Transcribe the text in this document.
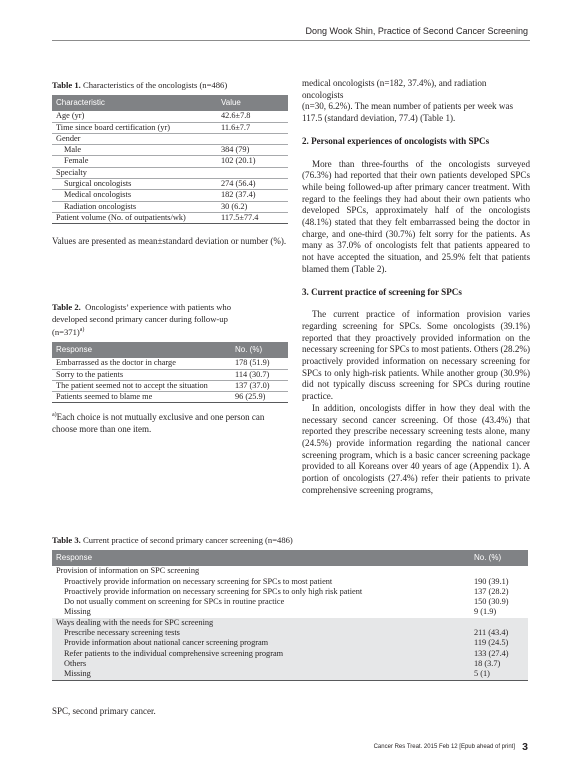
Dong Wook Shin, Practice of Second Cancer Screening
Table 1. Characteristics of the oncologists (n=486)
Characteristic	Value
Age (yr)	42.6±7.8
Time since board certification (yr)	11.6±7.7
Gender	
Male	384 (79)
Female	102 (20.1)
Specialty	
Surgical oncologists	274 (56.4)
Medical oncologists	182 (37.4)
Radiation oncologists	30 (6.2)
Patient volume (No. of outpatients/wk)	117.5±77.4
Values are presented as mean±standard deviation or number (%).
Table 2. Oncologists’ experience with patients who
developed second primary cancer during follow-up
(n=371)$^{a)}$
Response	No. (%)
Embarrassed as the doctor in charge	178 (51.9)
Sorry to the patients	114 (30.7)
The patient seemed not to accept the situation	137 (37.0)
Patients seemed to blame me	96 (25.9)
$^{a)}$Each choice is not mutually exclusive and one person can choose more than one item.
medical oncologists (n=182, 37.4%), and radiation oncologists
(n=30, 6.2%). The mean number of patients per week was
117.5 (standard deviation, 77.4) (Table 1).
2. Personal experiences of oncologists with SPCs

More than three-fourths of the oncologists surveyed (76.3%) had reported that their own patients developed SPCs while being followed-up after primary cancer treatment. With regard to the feelings they had about their own patients who developed SPCs, approximately half of the oncologists (48.1%) stated that they felt embarrassed being the doctor in charge, and one-third (30.7%) felt sorry for the patients. As many as 37.0% of oncologists felt that patients appeared to not have accepted the situation, and 25.9% felt that patients blamed them (Table 2).

3. Current practice of screening for SPCs

The current practice of information provision varies regarding screening for SPCs. Some oncologists (39.1%) reported that they proactively provided information on the necessary screening for SPCs to most patients. Others (28.2%) proactively provided information on necessary screening for SPCs to only high-risk patients. While another group (30.9%) did not typically discuss screening for SPCs during routine practice.

In addition, oncologists differ in how they deal with the necessary second cancer screening. Of those (43.4%) that reported they prescribe necessary screening tests alone, many (24.5%) provide information regarding the national cancer screening program, which is a basic cancer screening package provided to all Koreans over 40 years of age (Appendix 1). A portion of oncologists (27.4%) refer their patients to private comprehensive screening programs,

Table 3. Current practice of second primary cancer screening (n=486)
Response	No. (%)
Provision of information on SPC screening	
Proactively provide information on necessary screening for SPCs to most patient	190 (39.1)
Proactively provide information on necessary screening for SPCs to only high risk patient	137 (28.2)
Do not usually comment on screening for SPCs in routine practice	150 (30.9)
Missing	9 (1.9)
Ways dealing with the needs for SPC screening	
Prescribe necessary screening tests	211 (43.4)
Provide information about national cancer screening program	119 (24.5)
Refer patients to the individual comprehensive screening program	133 (27.4)
Others	18 (3.7)
Missing	5 (1)
SPC, second primary cancer.
Cancer Res Treat. 2015 Feb 12 [Epub ahead of print] 3
